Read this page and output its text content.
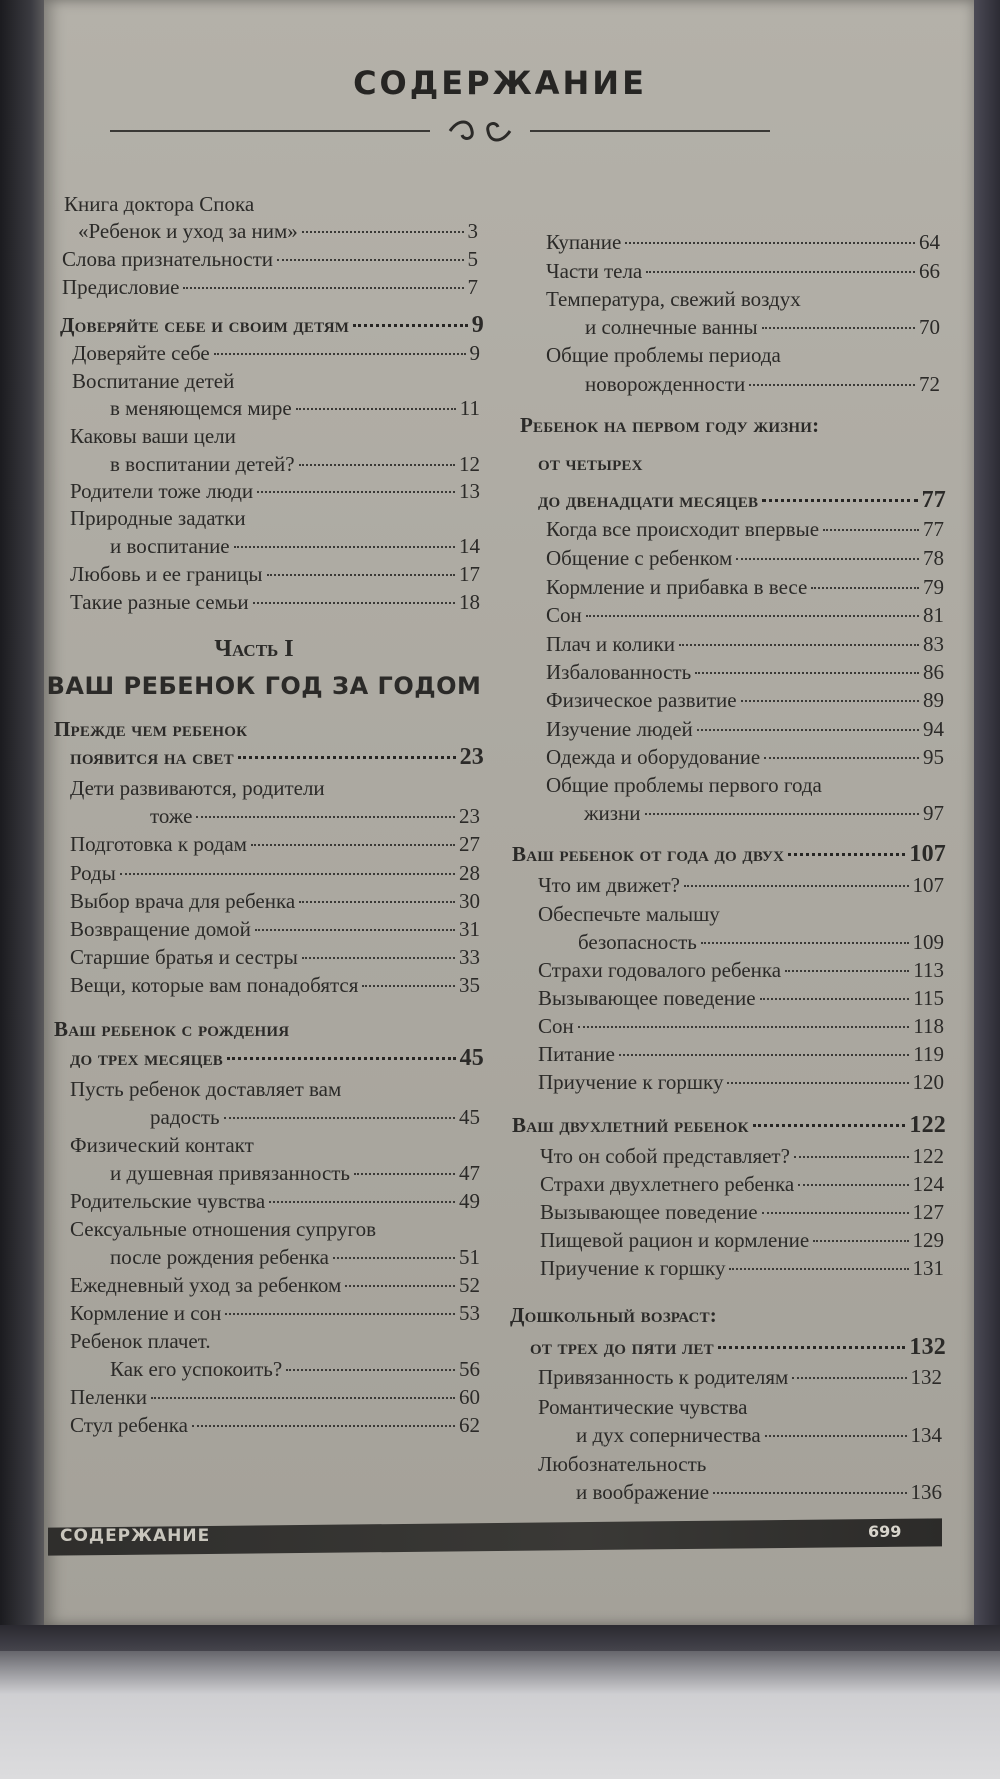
СОДЕРЖАНИЕ
Книга доктора Спока
«Ребенок и уход за ним»	3
Слова признательности	5
Предисловие	7
Доверяйте себе и своим детям	9
Доверяйте себе	9
Воспитание детей
в меняющемся мире	11
Каковы ваши цели
в воспитании детей?	12
Родители тоже люди	13
Природные задатки
и воспитание	14
Любовь и ее границы	17
Такие разные семьи	18
Часть I
ВАШ РЕБЕНОК ГОД ЗА ГОДОМ
Прежде чем ребенок
появится на свет	23
Дети развиваются, родители
тоже	23
Подготовка к родам	27
Роды	28
Выбор врача для ребенка	30
Возвращение домой	31
Старшие братья и сестры	33
Вещи, которые вам понадобятся	35
Ваш ребенок с рождения
до трех месяцев	45
Пусть ребенок доставляет вам
радость	45
Физический контакт
и душевная привязанность	47
Родительские чувства	49
Сексуальные отношения супругов
после рождения ребенка	51
Ежедневный уход за ребенком	52
Кормление и сон	53
Ребенок плачет.
Как его успокоить?	56
Пеленки	60
Стул ребенка	62
Купание	64
Части тела	66
Температура, свежий воздух
и солнечные ванны	70
Общие проблемы периода
новорожденности	72
Ребенок на первом году жизни:
от четырех
до двенадцати месяцев	77
Когда все происходит впервые	77
Общение с ребенком	78
Кормление и прибавка в весе	79
Сон	81
Плач и колики	83
Избалованность	86
Физическое развитие	89
Изучение людей	94
Одежда и оборудование	95
Общие проблемы первого года
жизни	97
Ваш ребенок от года до двух	107
Что им движет?	107
Обеспечьте малышу
безопасность	109
Страхи годовалого ребенка	113
Вызывающее поведение	115
Сон	118
Питание	119
Приучение к горшку	120
Ваш двухлетний ребенок	122
Что он собой представляет?	122
Страхи двухлетнего ребенка	124
Вызывающее поведение	127
Пищевой рацион и кормление	129
Приучение к горшку	131
Дошкольный возраст:
от трех до пяти лет	132
Привязанность к родителям	132
Романтические чувства
и дух соперничества	134
Любознательность
и воображение	136
СОДЕРЖАНИЕ	699
